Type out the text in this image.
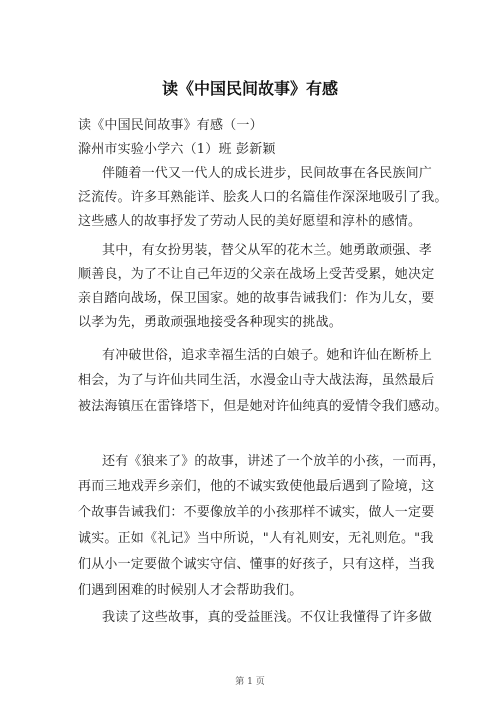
读《中国民间故事》有感
读《中国民间故事》有感（一）
滁州市实验小学六（1）班 彭新颖
伴随着一代又一代人的成长进步，民间故事在各民族间广
泛流传。许多耳熟能详、脍炙人口的名篇佳作深深地吸引了我。
这些感人的故事抒发了劳动人民的美好愿望和淳朴的感情。
其中，有女扮男装，替父从军的花木兰。她勇敢顽强、孝
顺善良，为了不让自己年迈的父亲在战场上受苦受累，她决定
亲自踏向战场，保卫国家。她的故事告诫我们：作为儿女，要
以孝为先，勇敢顽强地接受各种现实的挑战。
有冲破世俗，追求幸福生活的白娘子。她和许仙在断桥上
相会，为了与许仙共同生活，水漫金山寺大战法海，虽然最后
被法海镇压在雷锋塔下，但是她对许仙纯真的爱情令我们感动。
还有《狼来了》的故事，讲述了一个放羊的小孩，一而再，
再而三地戏弄乡亲们，他的不诚实致使他最后遇到了险境，这
个故事告诫我们：不要像放羊的小孩那样不诚实，做人一定要
诚实。正如《礼记》当中所说，"人有礼则安，无礼则危。"我
们从小一定要做个诚实守信、懂事的好孩子，只有这样，当我
们遇到困难的时候别人才会帮助我们。
我读了这些故事，真的受益匪浅。不仅让我懂得了许多做
第 1 页
